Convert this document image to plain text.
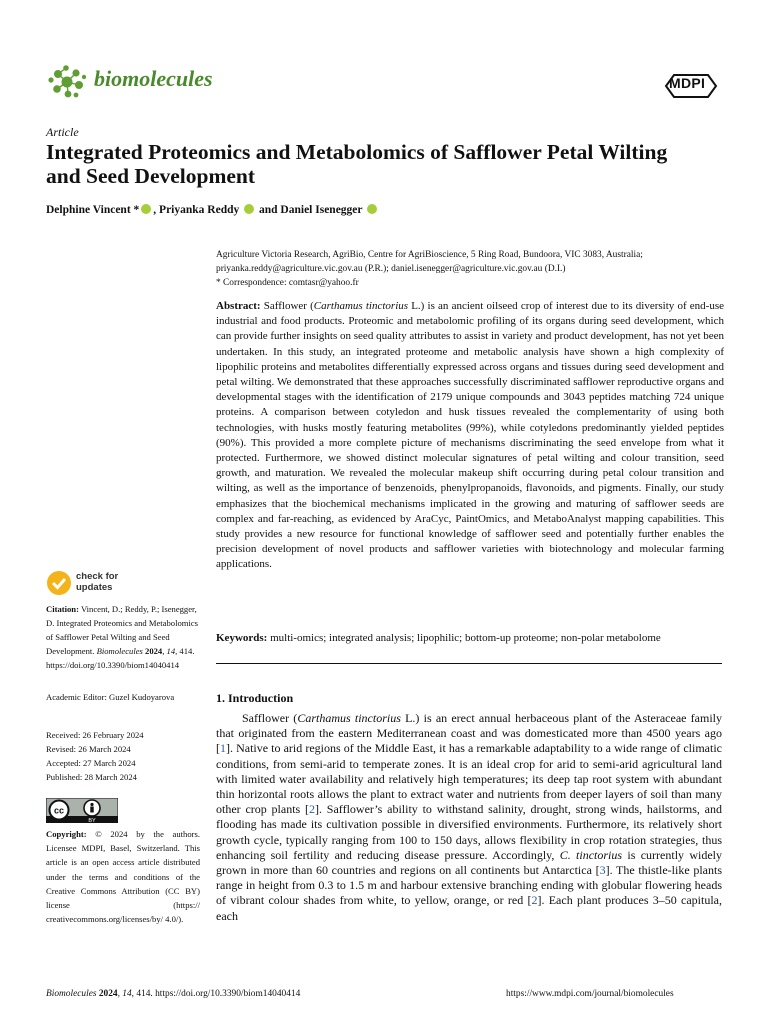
biomolecules	MDPI
Article
Integrated Proteomics and Metabolomics of Safflower Petal Wilting and Seed Development
Delphine Vincent * , Priyanka Reddy  and Daniel Isenegger
Agriculture Victoria Research, AgriBio, Centre for AgriBioscience, 5 Ring Road, Bundoora, VIC 3083, Australia;
priyanka.reddy@agriculture.vic.gov.au (P.R.); daniel.isenegger@agriculture.vic.gov.au (D.I.)
* Correspondence: comtasr@yahoo.fr
Abstract: Safflower (Carthamus tinctorius L.) is an ancient oilseed crop of interest due to its diversity of end-use industrial and food products. Proteomic and metabolomic profiling of its organs during seed development, which can provide further insights on seed quality attributes to assist in variety and product development, has not yet been undertaken. In this study, an integrated proteome and metabolic analysis have shown a high complexity of lipophilic proteins and metabolites differentially expressed across organs and tissues during seed development and petal wilting. We demonstrated that these approaches successfully discriminated safflower reproductive organs and developmental stages with the identification of 2179 unique compounds and 3043 peptides matching 724 unique proteins. A comparison between cotyledon and husk tissues revealed the complementarity of using both technologies, with husks mostly featuring metabolites (99%), while cotyledons predominantly yielded peptides (90%). This provided a more complete picture of mechanisms discriminating the seed envelope from what it protected. Furthermore, we showed distinct molecular signatures of petal wilting and colour transition, seed growth, and maturation. We revealed the molecular makeup shift occurring during petal colour transition and wilting, as well as the importance of benzenoids, phenylpropanoids, flavonoids, and pigments. Finally, our study emphasizes that the biochemical mechanisms implicated in the growing and maturing of safflower seeds are complex and far-reaching, as evidenced by AraCyc, PaintOmics, and MetaboAnalyst mapping capabilities. This study provides a new resource for functional knowledge of safflower seed and potentially further enables the precision development of novel products and safflower varieties with biotechnology and molecular farming applications.
Keywords: multi-omics; integrated analysis; lipophilic; bottom-up proteome; non-polar metabolome
check for
updates
Citation: Vincent, D.; Reddy, P.; Isenegger, D. Integrated Proteomics and Metabolomics of Safflower Petal Wilting and Seed Development. Biomolecules 2024, 14, 414. https://doi.org/10.3390/biom14040414
Academic Editor: Guzel Kudoyarova
Received: 26 February 2024
Revised: 26 March 2024
Accepted: 27 March 2024
Published: 28 March 2024
cc
BY
Copyright: © 2024 by the authors. Licensee MDPI, Basel, Switzerland. This article is an open access article distributed under the terms and conditions of the Creative Commons Attribution (CC BY) license (https:// creativecommons.org/licenses/by/ 4.0/).
1. Introduction

Safflower (Carthamus tinctorius L.) is an erect annual herbaceous plant of the Asteraceae family that originated from the eastern Mediterranean coast and was domesticated more than 4500 years ago [1]. Native to arid regions of the Middle East, it has a remarkable adaptability to a wide range of climatic conditions, from semi-arid to temperate zones. It is an ideal crop for arid to semi-arid agricultural land with limited water availability and relatively high temperatures; its deep tap root system with abundant thin horizontal roots allows the plant to extract water and nutrients from deeper layers of soil than many other crop plants [2]. Safflower’s ability to withstand salinity, drought, strong winds, hailstorms, and flooding has made its cultivation possible in diversified environments. Furthermore, its relatively short growth cycle, typically ranging from 100 to 150 days, allows flexibility in crop rotation strategies, thus enhancing soil fertility and reducing disease pressure. Accordingly, C. tinctorius is currently widely grown in more than 60 countries and regions on all continents but Antarctica [3]. The thistle-like plants range in height from 0.3 to 1.5 m and harbour extensive branching ending with globular flowering heads of vibrant colour shades from white, to yellow, orange, or red [2]. Each plant produces 3–50 capitula, each

Biomolecules 2024, 14, 414. https://doi.org/10.3390/biom14040414	https://www.mdpi.com/journal/biomolecules
